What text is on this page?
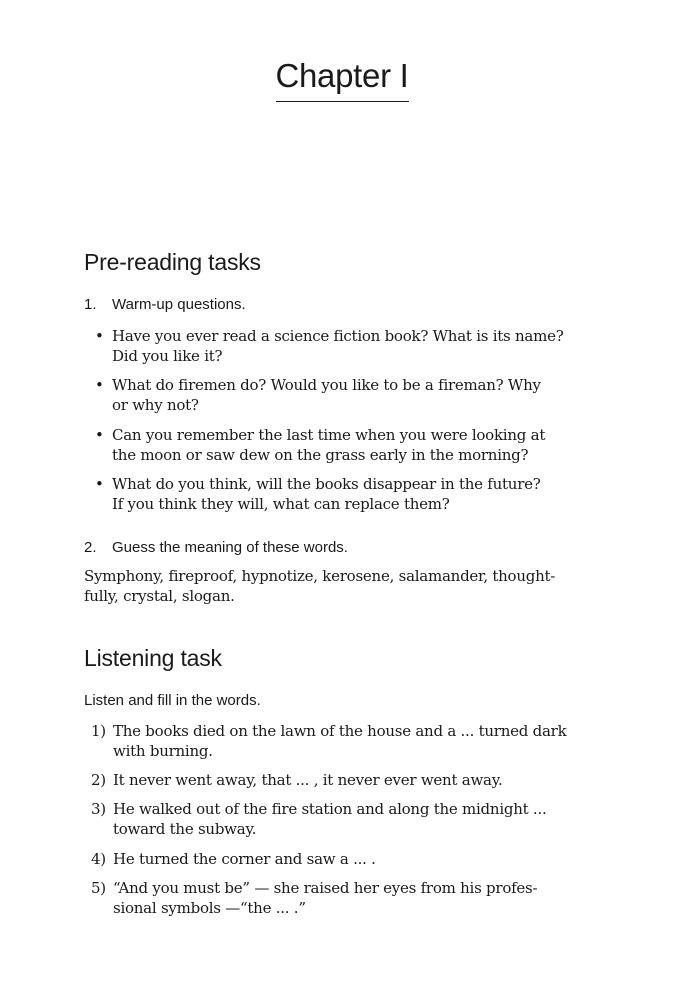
Chapter I
Pre-reading tasks
1. Warm-up questions.
• Have you ever read a science fiction book? What is its name?
Did you like it?
• What do firemen do? Would you like to be a fireman? Why
or why not?
• Can you remember the last time when you were looking at
the moon or saw dew on the grass early in the morning?
• What do you think, will the books disappear in the future?
If you think they will, what can replace them?
2. Guess the meaning of these words.
Symphony, fireproof, hypnotize, kerosene, salamander, thought-
fully, crystal, slogan.
Listening task
Listen and fill in the words.
1) The books died on the lawn of the house and a ... turned dark
with burning.
2) It never went away, that ... , it never ever went away.
3) He walked out of the fire station and along the midnight ...
toward the subway.
4) He turned the corner and saw a ... .
5) “And you must be” — she raised her eyes from his profes-
sional symbols —“the ... .”
